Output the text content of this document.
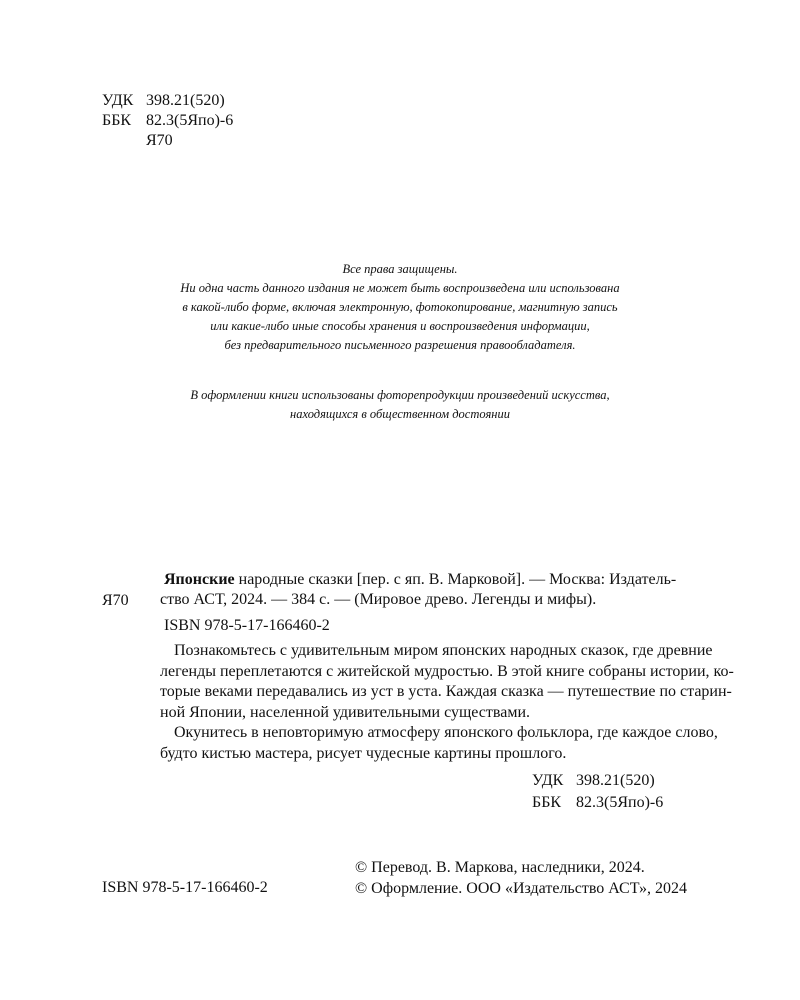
УДК 398.21(520)
ББК 82.3(5Япо)-6
Я70
Все права защищены.
Ни одна часть данного издания не может быть воспроизведена или использована
в какой-либо форме, включая электронную, фотокопирование, магнитную запись
или какие-либо иные способы хранения и воспроизведения информации,
без предварительного письменного разрешения правообладателя.
В оформлении книги использованы фоторепродукции произведений искусства,
находящихся в общественном достоянии
Я70
Японские народные сказки [пер. с яп. В. Марковой]. — Москва: Издатель-
ство АСТ, 2024. — 384 с. — (Мировое древо. Легенды и мифы).
ISBN 978-5-17-166460-2
Познакомьтесь с удивительным миром японских народных сказок, где древние
легенды переплетаются с житейской мудростью. В этой книге собраны истории, ко-
торые веками передавались из уст в уста. Каждая сказка — путешествие по старин-
ной Японии, населенной удивительными существами.
Окунитесь в неповторимую атмосферу японского фольклора, где каждое слово,
будто кистью мастера, рисует чудесные картины прошлого.
УДК 398.21(520)
ББК 82.3(5Япо)-6
ISBN 978-5-17-166460-2
© Перевод. В. Маркова, наследники, 2024.
© Оформление. ООО «Издательство АСТ», 2024
